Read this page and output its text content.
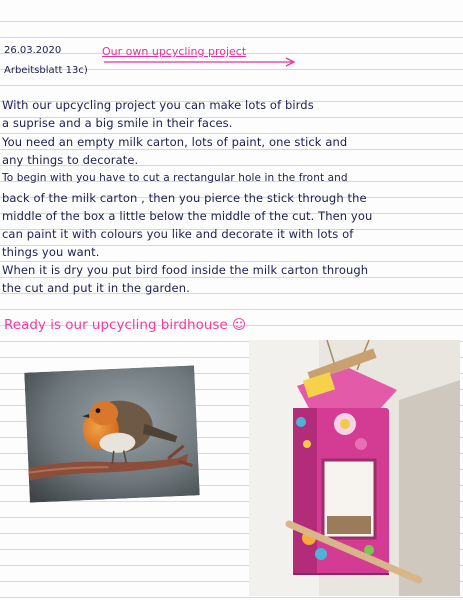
26.03.2020
Arbeitsblatt 13c)
Our own upcycling project
With our upcycling project you can make lots of birds
a suprise and a big smile in their faces.
You need an empty milk carton, lots of paint, one stick and
any things to decorate.
To begin with you have to cut a rectangular hole in the front and
back of the milk carton , then you pierce the stick through the
middle of the box a little below the middle of the cut. Then you
can paint it with colours you like and decorate it with lots of
things you want.
When it is dry you put bird food inside the milk carton through
the cut and put it in the garden.
Ready is our upcycling birdhouse ☺
